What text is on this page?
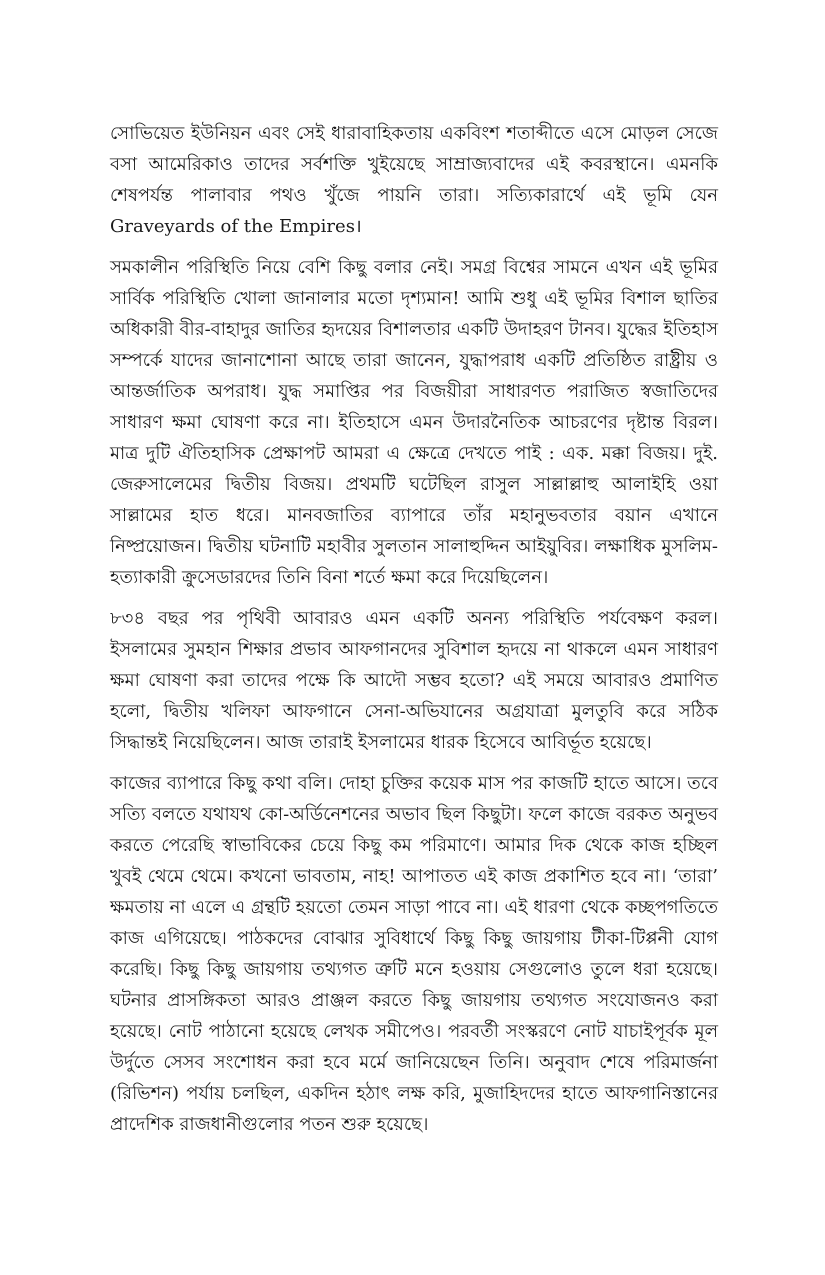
সোভিয়েত ইউনিয়ন এবং সেই ধারাবাহিকতায় একবিংশ শতাব্দীতে এসে মোড়ল সেজে বসা আমেরিকাও তাদের সর্বশক্তি খুইয়েছে সাম্রাজ্যবাদের এই কবরস্থানে। এমনকি শেষপর্যন্ত পালাবার পথও খুঁজে পায়নি তারা। সত্যিকারার্থে এই ভূমি যেন Graveyards of the Empires।

সমকালীন পরিস্থিতি নিয়ে বেশি কিছু বলার নেই। সমগ্র বিশ্বের সামনে এখন এই ভূমির সার্বিক পরিস্থিতি খোলা জানালার মতো দৃশ্যমান! আমি শুধু এই ভূমির বিশাল ছাতির অধিকারী বীর-বাহাদুর জাতির হৃদয়ের বিশালতার একটি উদাহরণ টানব। যুদ্ধের ইতিহাস সম্পর্কে যাদের জানাশোনা আছে তারা জানেন, যুদ্ধাপরাধ একটি প্রতিষ্ঠিত রাষ্ট্রীয় ও আন্তর্জাতিক অপরাধ। যুদ্ধ সমাপ্তির পর বিজয়ীরা সাধারণত পরাজিত স্বজাতিদের সাধারণ ক্ষমা ঘোষণা করে না। ইতিহাসে এমন উদারনৈতিক আচরণের দৃষ্টান্ত বিরল। মাত্র দুটি ঐতিহাসিক প্রেক্ষাপট আমরা এ ক্ষেত্রে দেখতে পাই : এক. মক্কা বিজয়। দুই. জেরুসালেমের দ্বিতীয় বিজয়। প্রথমটি ঘটেছিল রাসুল সাল্লাল্লাহু আলাইহি ওয়া সাল্লামের হাত ধরে। মানবজাতির ব্যাপারে তাঁর মহানুভবতার বয়ান এখানে নিষ্প্রয়োজন। দ্বিতীয় ঘটনাটি মহাবীর সুলতান সালাহুদ্দিন আইয়ুবির। লক্ষাধিক মুসলিম-হত্যাকারী ক্রুসেডারদের তিনি বিনা শর্তে ক্ষমা করে দিয়েছিলেন।

৮৩৪ বছর পর পৃথিবী আবারও এমন একটি অনন্য পরিস্থিতি পর্যবেক্ষণ করল। ইসলামের সুমহান শিক্ষার প্রভাব আফগানদের সুবিশাল হৃদয়ে না থাকলে এমন সাধারণ ক্ষমা ঘোষণা করা তাদের পক্ষে কি আদৌ সম্ভব হতো? এই সময়ে আবারও প্রমাণিত হলো, দ্বিতীয় খলিফা আফগানে সেনা-অভিযানের অগ্রযাত্রা মুলতুবি করে সঠিক সিদ্ধান্তই নিয়েছিলেন। আজ তারাই ইসলামের ধারক হিসেবে আবির্ভূত হয়েছে।

কাজের ব্যাপারে কিছু কথা বলি। দোহা চুক্তির কয়েক মাস পর কাজটি হাতে আসে। তবে সত্যি বলতে যথাযথ কো-অর্ডিনেশনের অভাব ছিল কিছুটা। ফলে কাজে বরকত অনুভব করতে পেরেছি স্বাভাবিকের চেয়ে কিছু কম পরিমাণে। আমার দিক থেকে কাজ হচ্ছিল খুবই থেমে থেমে। কখনো ভাবতাম, নাহ! আপাতত এই কাজ প্রকাশিত হবে না। ‘তারা’ ক্ষমতায় না এলে এ গ্রন্থটি হয়তো তেমন সাড়া পাবে না। এই ধারণা থেকে কচ্ছপগতিতে কাজ এগিয়েছে। পাঠকদের বোঝার সুবিধার্থে কিছু কিছু জায়গায় টীকা-টিপ্পনী যোগ করেছি। কিছু কিছু জায়গায় তথ্যগত ত্রুটি মনে হওয়ায় সেগুলোও তুলে ধরা হয়েছে। ঘটনার প্রাসঙ্গিকতা আরও প্রাঞ্জল করতে কিছু জায়গায় তথ্যগত সংযোজনও করা হয়েছে। নোট পাঠানো হয়েছে লেখক সমীপেও। পরবর্তী সংস্করণে নোট যাচাইপূর্বক মূল উর্দুতে সেসব সংশোধন করা হবে মর্মে জানিয়েছেন তিনি। অনুবাদ শেষে পরিমার্জনা (রিভিশন) পর্যায় চলছিল, একদিন হঠাৎ লক্ষ করি, মুজাহিদদের হাতে আফগানিস্তানের প্রাদেশিক রাজধানীগুলোর পতন শুরু হয়েছে।
